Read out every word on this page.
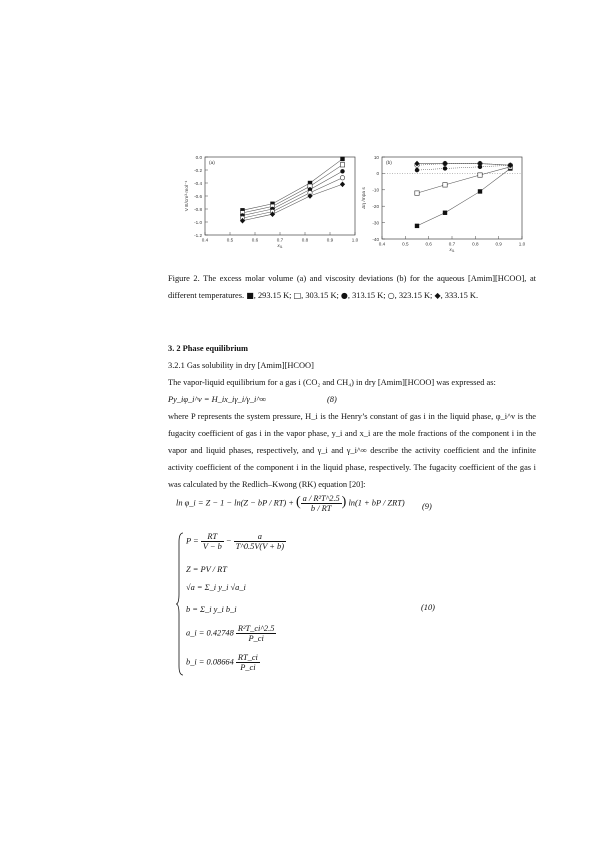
0.0
-0.2
-0.4
-0.6
-0.8
-1.0
-1.2
0.4	0.5	0.6	0.7	0.8	0.9	1.0
(a)
$x_{IL}$
V E/cm³·mol⁻¹
10
0
-10
-20
-30
-40
0.4	0.5	0.6	0.7	0.8	0.9	1.0
(b)
$x_{IL}$
Δη /mpa s
Figure 2. The excess molar volume (a) and viscosity deviations (b) for the aqueous [Amim][HCOO], at different temperatures. ■, 293.15 K; □, 303.15 K; ●, 313.15 K; ○, 323.15 K; ◆, 333.15 K.
3. 2 Phase equilibrium
3.2.1 Gas solubility in dry [Amim][HCOO]
The vapor-liquid equilibrium for a gas i (CO₂ and CH₄) in dry [Amim][HCOO] was expressed as:
Py_iφ_i^v = H_ix_iγ_i/γ_i^∞	(8)
where P represents the system pressure, H_i is the Henry’s constant of gas i in the liquid phase, φ_i^v is the fugacity coefficient of gas i in the vapor phase, y_i and x_i are the mole fractions of the component i in the vapor and liquid phases, respectively, and γ_i and γ_i^∞ describe the activity coefficient and the infinite activity coefficient of the component i in the liquid phase, respectively. The fugacity coefficient of the gas i was calculated by the Redlich–Kwong (RK) equation [20]:
ln φ_i = Z − 1 − ln(Z − bP / RT) + ( $\frac{\text{a / R²T\textasciicircum{}2.5}}{b / RT}$ ) ln(1 + bP / ZRT) (9)
$P = \frac{RT}{V - b} - \frac{a}{T\^{}0.5V(V + b)}$
Z = PV / RT
√a = Σ_i y_i √a_i
b = Σ_i y_i b_i
a_i = $0.42748 \frac{\text{R²T\_ci\textasciicircum{}2.5}}{P\_ci}$
b_i = $0.08664 \frac{RT\_ci}{P\_ci}$
(10)
